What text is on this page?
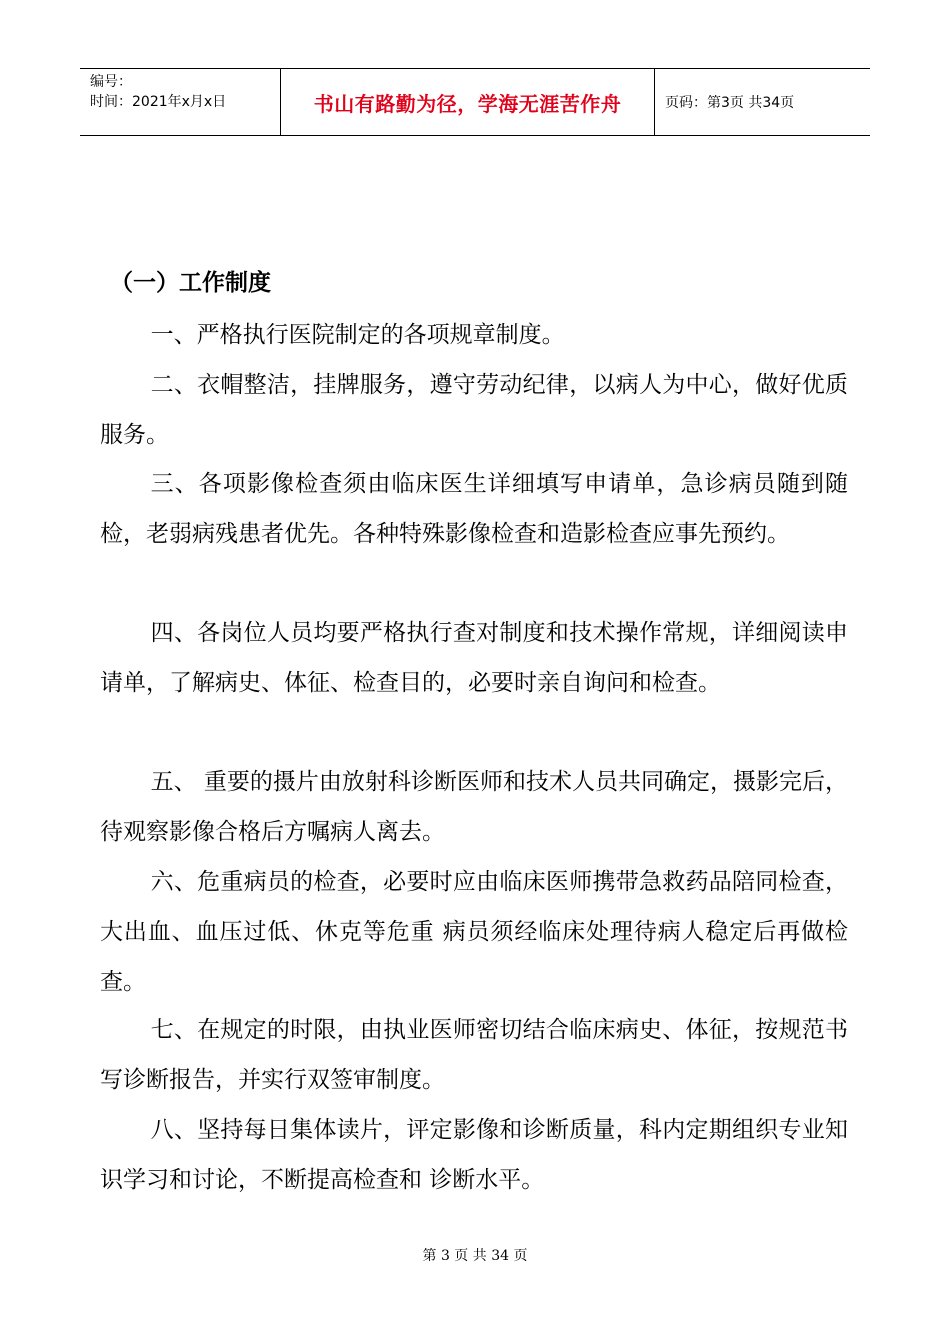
编号：
时间：2021年x月x日	书山有路勤为径，学海无涯苦作舟	页码：第3页 共34页
（一）工作制度

一、严格执行医院制定的各项规章制度。

二、衣帽整洁，挂牌服务，遵守劳动纪律，以病人为中心，做好优质服务。

三、各项影像检查须由临床医生详细填写申请单，急诊病员随到随检，老弱病残患者优先。各种特殊影像检查和造影检查应事先预约。

四、各岗位人员均要严格执行查对制度和技术操作常规，详细阅读申请单，了解病史、体征、检查目的，必要时亲自询问和检查。

五、 重要的摄片由放射科诊断医师和技术人员共同确定，摄影完后， 待观察影像合格后方嘱病人离去。

六、危重病员的检查，必要时应由临床医师携带急救药品陪同检查，大出血、血压过低、休克等危重 病员须经临床处理待病人稳定后再做检查。

七、在规定的时限，由执业医师密切结合临床病史、体征，按规范书写诊断报告，并实行双签审制度。

八、坚持每日集体读片，评定影像和诊断质量，科内定期组织专业知识学习和讨论，不断提高检查和 诊断水平。

第 3 页 共 34 页
